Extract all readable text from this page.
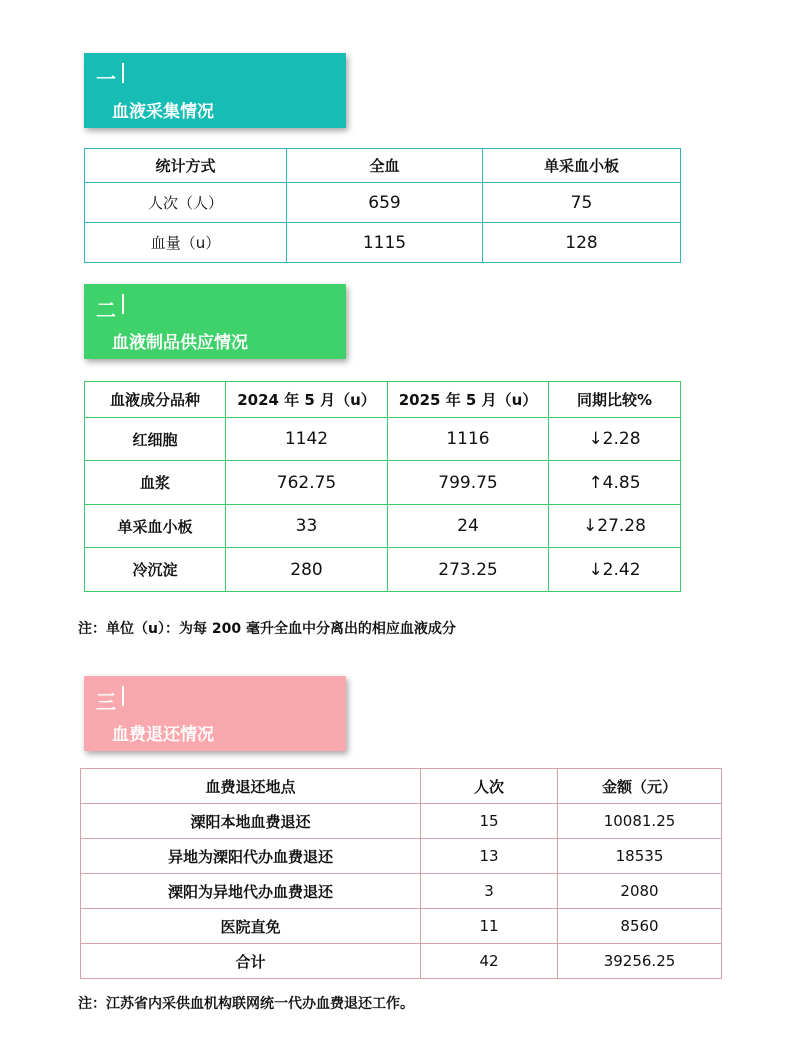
一
血液采集情况
统计方式	全血	单采血小板
人次（人）	659	75
血量（u）	1115	128
二
血液制品供应情况
血液成分品种	2024 年 5 月（u）	2025 年 5 月（u）	同期比较%
红细胞	1142	1116	↓2.28
血浆	762.75	799.75	↑4.85
单采血小板	33	24	↓27.28
冷沉淀	280	273.25	↓2.42
注：单位（u）：为每 200 毫升全血中分离出的相应血液成分
三
血费退还情况
血费退还地点	人次	金额（元）
溧阳本地血费退还	15	10081.25
异地为溧阳代办血费退还	13	18535
溧阳为异地代办血费退还	3	2080
医院直免	11	8560
合计	42	39256.25
注：江苏省内采供血机构联网统一代办血费退还工作。
